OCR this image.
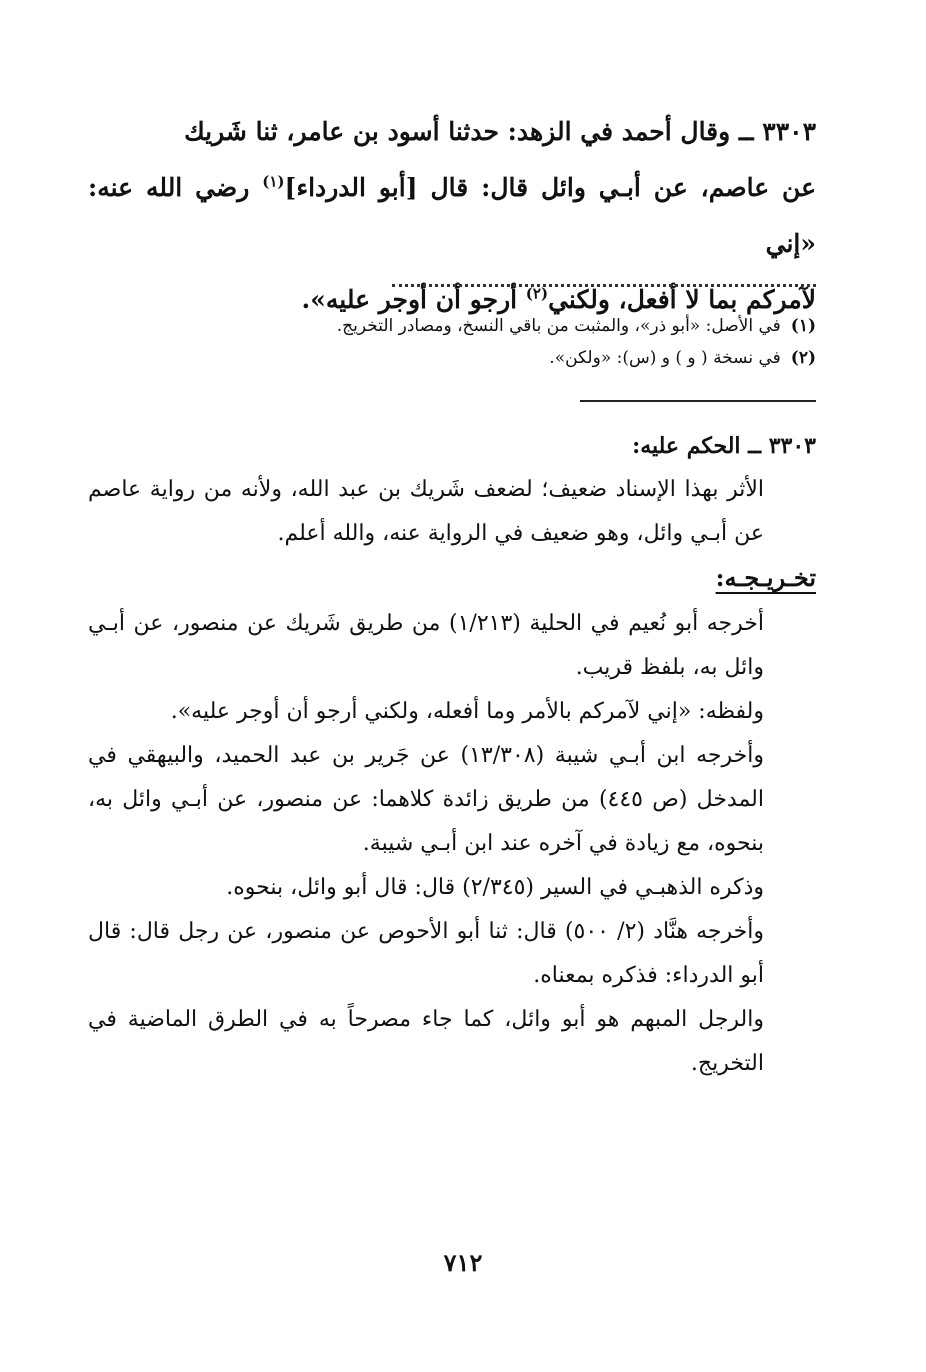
٣٣٠٣ ــ وقال أحمد في الزهد: حدثنا أسود بن عامر، ثنا شَريك

عن عاصم، عن أبـي وائل قال: قال [أبو الدرداء]$^{(١)}$ رضي الله عنه: «إني

لآمركم بما لا أفعل، ولكني$^{(٢)}$ أرجو أن أوجر عليه».

(١)في الأصل: «أبو ذر»، والمثبت من باقي النسخ، ومصادر التخريج.

(٢)في نسخة ( و ) و (س): «ولكن».

٣٣٠٣ ــ الحكم عليه:

الأثر بهذا الإسناد ضعيف؛ لضعف شَريك بن عبد الله، ولأنه من رواية عاصم عن أبـي وائل، وهو ضعيف في الرواية عنه، والله أعلم.

تخـريـجـه:

أخرجه أبو نُعيم في الحلية (١/٢١٣) من طريق شَريك عن منصور، عن أبـي وائل به، بلفظ قريب.

ولفظه: «إني لآمركم بالأمر وما أفعله، ولكني أرجو أن أوجر عليه».

وأخرجه ابن أبـي شيبة (١٣/٣٠٨) عن جَرير بن عبد الحميد، والبيهقي في المدخل (ص ٤٤٥) من طريق زائدة كلاهما: عن منصور، عن أبـي وائل به، بنحوه، مع زيادة في آخره عند ابن أبـي شيبة.

وذكره الذهبـي في السير (٢/٣٤٥) قال: قال أبو وائل، بنحوه.

وأخرجه هنَّاد (٢/ ٥٠٠) قال: ثنا أبو الأحوص عن منصور، عن رجل قال: قال أبو الدرداء: فذكره بمعناه.

والرجل المبهم هو أبو وائل، كما جاء مصرحاً به في الطرق الماضية في التخريج.

٧١٢
